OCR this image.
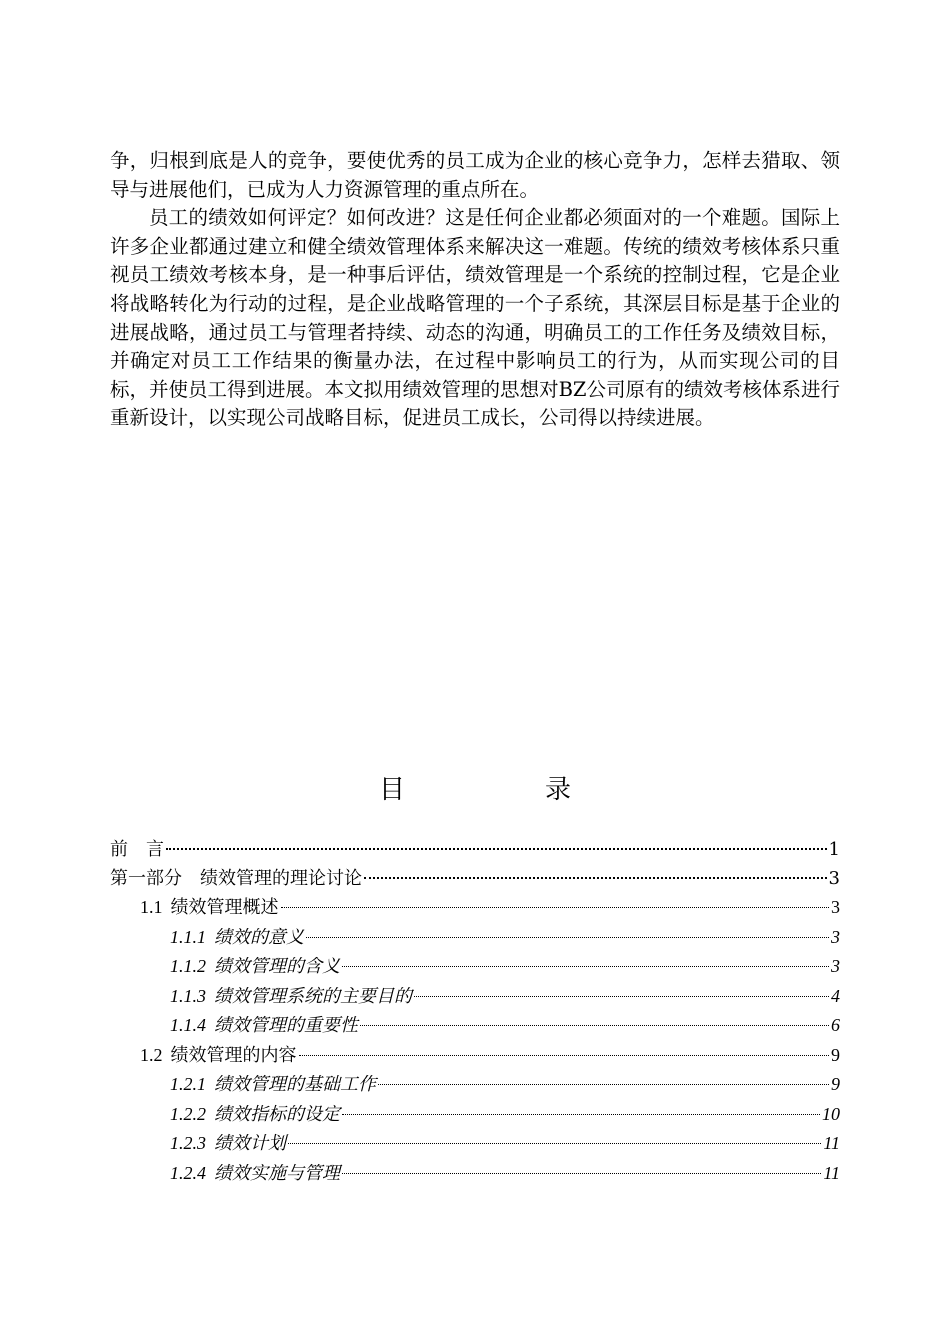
争，归根到底是人的竞争，要使优秀的员工成为企业的核心竞争力，怎样去猎取、领导与进展他们，已成为人力资源管理的重点所在。

员工的绩效如何评定？如何改进？这是任何企业都必须面对的一个难题。国际上许多企业都通过建立和健全绩效管理体系来解决这一难题。传统的绩效考核体系只重视员工绩效考核本身，是一种事后评估，绩效管理是一个系统的控制过程，它是企业将战略转化为行动的过程，是企业战略管理的一个子系统，其深层目标是基于企业的进展战略，通过员工与管理者持续、动态的沟通，明确员工的工作任务及绩效目标，并确定对员工工作结果的衡量办法，在过程中影响员工的行为，从而实现公司的目标，并使员工得到进展。本文拟用绩效管理的思想对BZ公司原有的绩效考核体系进行重新设计，以实现公司战略目标，促进员工成长，公司得以持续进展。

目	录
前 言	1
第一部分 绩效管理的理论讨论	3
1.1 绩效管理概述	3
1.1.1 绩效的意义	3
1.1.2 绩效管理的含义	3
1.1.3 绩效管理系统的主要目的	4
1.1.4 绩效管理的重要性	6
1.2 绩效管理的内容	9
1.2.1 绩效管理的基础工作	9
1.2.2 绩效指标的设定	10
1.2.3 绩效计划	11
1.2.4 绩效实施与管理	11
